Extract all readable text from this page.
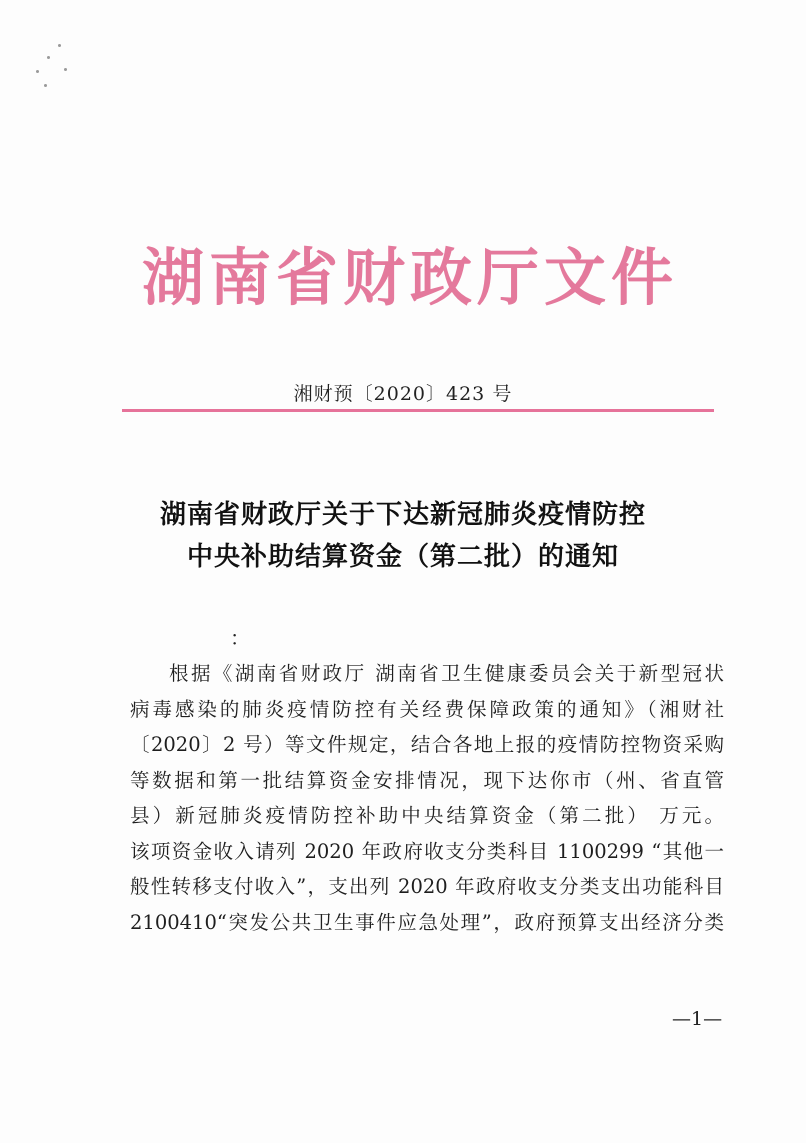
湖南省财政厅文件
湘财预〔2020〕423 号
湖南省财政厅关于下达新冠肺炎疫情防控
中央补助结算资金（第二批）的通知
：
根据《湖南省财政厅 湖南省卫生健康委员会关于新型冠状
病毒感染的肺炎疫情防控有关经费保障政策的通知》（湘财社
〔2020〕2 号）等文件规定，结合各地上报的疫情防控物资采购
等数据和第一批结算资金安排情况，现下达你市（州、省直管
县）新冠肺炎疫情防控补助中央结算资金（第二批） 万元。
该项资金收入请列 2020 年政府收支分类科目 1100299 “其他一
般性转移支付收入”，支出列 2020 年政府收支分类支出功能科目
2100410“突发公共卫生事件应急处理”，政府预算支出经济分类
—1—
